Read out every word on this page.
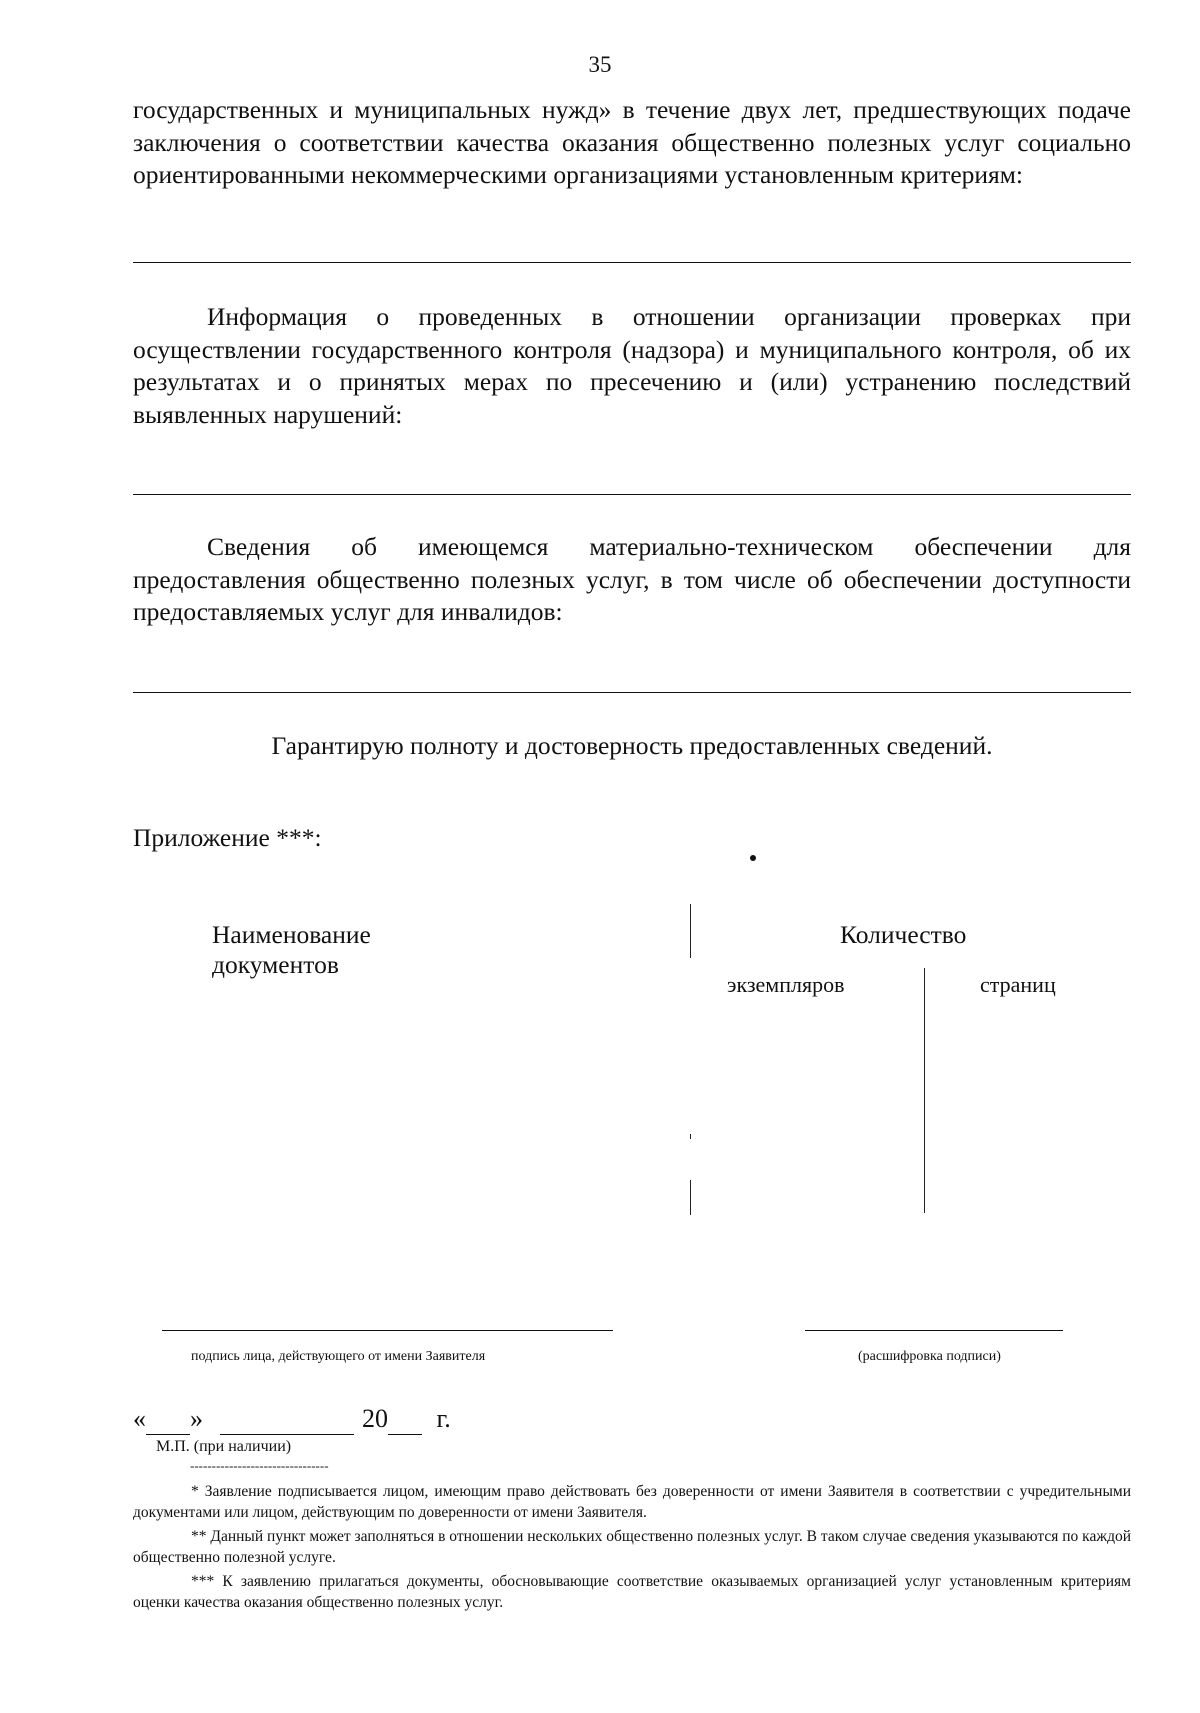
35
государственных и муниципальных нужд» в течение двух лет, предшествующих подаче заключения о соответствии качества оказания общественно полезных услуг социально ориентированными некоммерческими организациями установленным критериям:
Информация о проведенных в отношении организации проверках при осуществлении государственного контроля (надзора) и муниципального контроля, об их результатах и о принятых мерах по пресечению и (или) устранению последствий выявленных нарушений:
Сведения об имеющемся материально-техническом обеспечении для предоставления общественно полезных услуг, в том числе об обеспечении доступности предоставляемых услуг для инвалидов:
Гарантирую полноту и достоверность предоставленных сведений.
Приложение ***:
Наименование документов
Количество
экземпляров	страниц
подпись лица, действующего от имени Заявителя	(расшифровка подписи)
« »	20 г.
М.П. (при наличии)
--------------------------------
* Заявление подписывается лицом, имеющим право действовать без доверенности от имени Заявителя в соответствии с учредительными документами или лицом, действующим по доверенности от имени Заявителя.
** Данный пункт может заполняться в отношении нескольких общественно полезных услуг. В таком случае сведения указываются по каждой общественно полезной услуге.
*** К заявлению прилагаться документы, обосновывающие соответствие оказываемых организацией услуг установленным критериям оценки качества оказания общественно полезных услуг.
